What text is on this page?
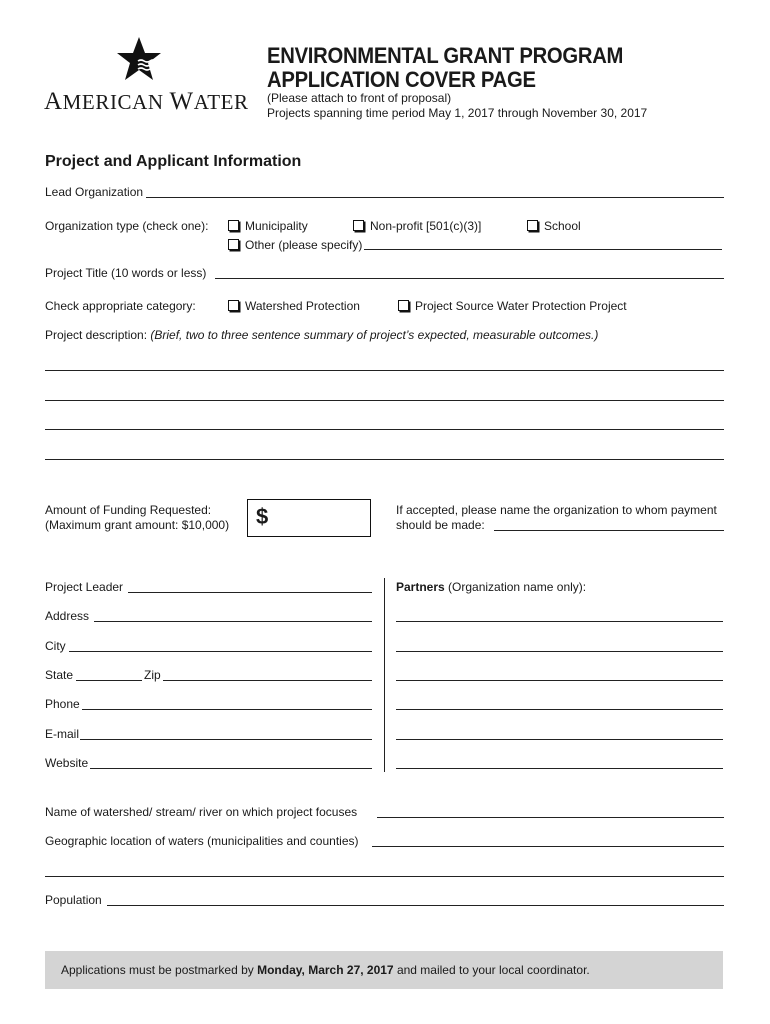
AMERICAN WATER
ENVIRONMENTAL GRANT PROGRAM
APPLICATION COVER PAGE
(Please attach to front of proposal)
Projects spanning time period May 1, 2017 through November 30, 2017
Project and Applicant Information
Lead Organization
Organization type (check one):	Municipality	Non-profit [501(c)(3)]	School
Other (please specify)
Project Title (10 words or less)
Check appropriate category:	Watershed Protection	Project Source Water Protection Project
Project description: (Brief, two to three sentence summary of project’s expected, measurable outcomes.)
Amount of Funding Requested:
(Maximum grant amount: $10,000) $	If accepted, please name the organization to whom payment
should be made:
Project Leader
Address
City
State	Zip
Phone
E-mail
Website
Partners (Organization name only):
Name of watershed/ stream/ river on which project focuses
Geographic location of waters (municipalities and counties)
Population
Applications must be postmarked by Monday, March 27, 2017 and mailed to your local coordinator.
